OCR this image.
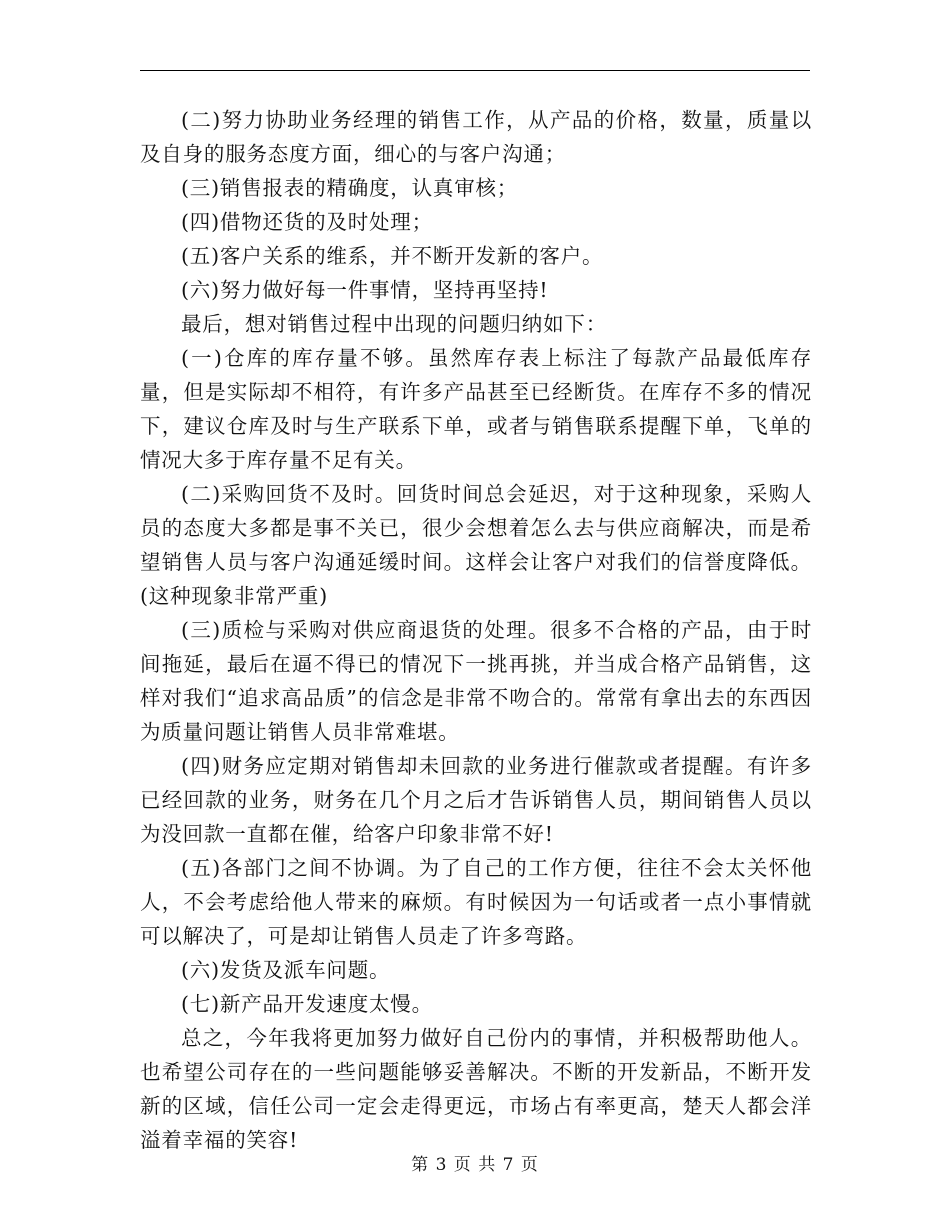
(二)努力协助业务经理的销售工作，从产品的价格，数量，质量以及自身的服务态度方面，细心的与客户沟通；

(三)销售报表的精确度，认真审核；

(四)借物还货的及时处理；

(五)客户关系的维系，并不断开发新的客户。

(六)努力做好每一件事情，坚持再坚持!

最后，想对销售过程中出现的问题归纳如下：

(一)仓库的库存量不够。虽然库存表上标注了每款产品最低库存量，但是实际却不相符，有许多产品甚至已经断货。在库存不多的情况下，建议仓库及时与生产联系下单，或者与销售联系提醒下单，飞单的情况大多于库存量不足有关。

(二)采购回货不及时。回货时间总会延迟，对于这种现象，采购人员的态度大多都是事不关已，很少会想着怎么去与供应商解决，而是希望销售人员与客户沟通延缓时间。这样会让客户对我们的信誉度降低。(这种现象非常严重)

(三)质检与采购对供应商退货的处理。很多不合格的产品，由于时间拖延，最后在逼不得已的情况下一挑再挑，并当成合格产品销售，这样对我们“追求高品质”的信念是非常不吻合的。常常有拿出去的东西因为质量问题让销售人员非常难堪。

(四)财务应定期对销售却未回款的业务进行催款或者提醒。有许多已经回款的业务，财务在几个月之后才告诉销售人员，期间销售人员以为没回款一直都在催，给客户印象非常不好!

(五)各部门之间不协调。为了自己的工作方便，往往不会太关怀他人，不会考虑给他人带来的麻烦。有时候因为一句话或者一点小事情就可以解决了，可是却让销售人员走了许多弯路。

(六)发货及派车问题。

(七)新产品开发速度太慢。

总之，今年我将更加努力做好自己份内的事情，并积极帮助他人。也希望公司存在的一些问题能够妥善解决。不断的开发新品，不断开发新的区域，信任公司一定会走得更远，市场占有率更高，楚天人都会洋溢着幸福的笑容!

第 3 页 共 7 页
